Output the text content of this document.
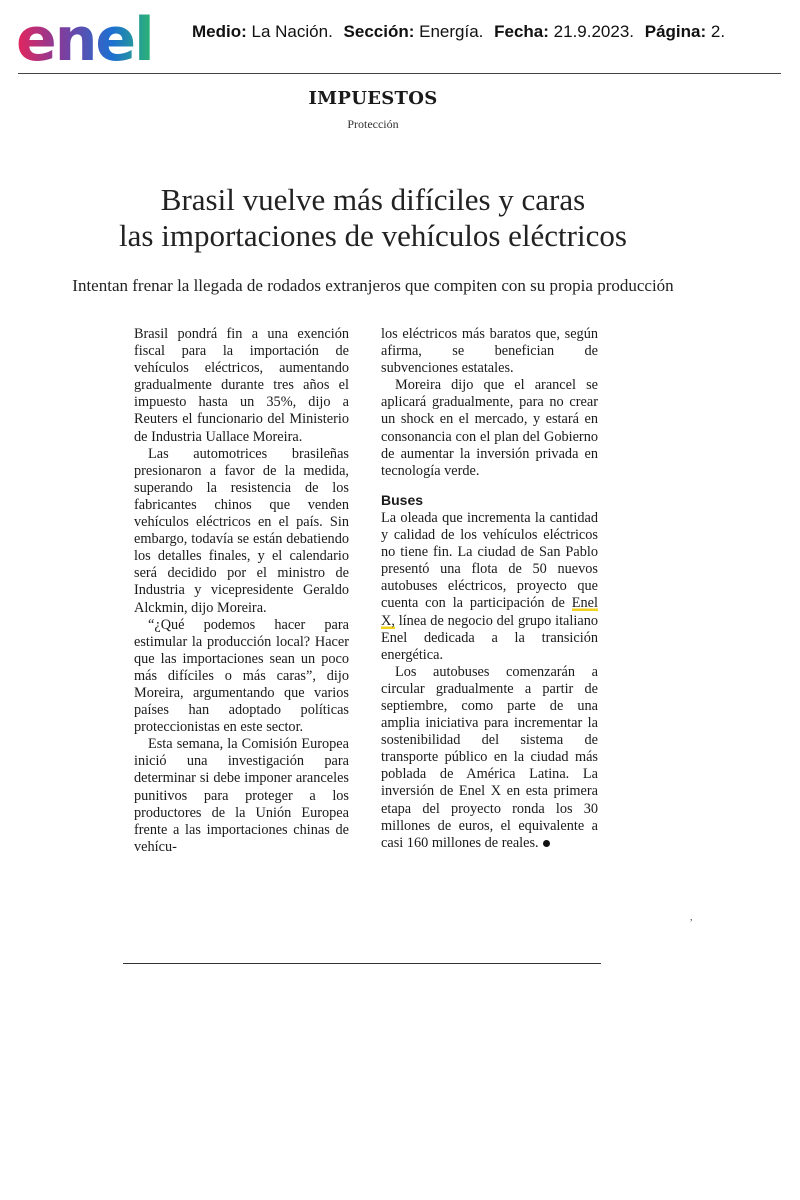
enel Medio: La Nación. Sección: Energía. Fecha: 21.9.2023. Página: 2.
IMPUESTOS
Protección
Brasil vuelve más difíciles y caras
las importaciones de vehículos eléctricos
Intentan frenar la llegada de rodados extranjeros que compiten con su propia producción

Brasil pondrá fin a una exención fiscal para la importación de vehículos eléctricos, aumentando gradualmente durante tres años el impuesto hasta un 35%, dijo a Reuters el funcionario del Ministerio de Industria Uallace Moreira.

Las automotrices brasileñas presionaron a favor de la medida, superando la resistencia de los fabricantes chinos que venden vehículos eléctricos en el país. Sin embargo, todavía se están debatiendo los detalles finales, y el calendario será decidido por el ministro de Industria y vicepresidente Geraldo Alckmin, dijo Moreira.

“¿Qué podemos hacer para estimular la producción local? Hacer que las importaciones sean un poco más difíciles o más caras”, dijo Moreira, argumentando que varios países han adoptado políticas proteccionistas en este sector.

Esta semana, la Comisión Europea inició una investigación para determinar si debe imponer aranceles punitivos para proteger a los productores de la Unión Europea frente a las importaciones chinas de vehícu-

los eléctricos más baratos que, según afirma, se benefician de subvenciones estatales.

Moreira dijo que el arancel se aplicará gradualmente, para no crear un shock en el mercado, y estará en consonancia con el plan del Gobierno de aumentar la inversión privada en tecnología verde.

Buses

La oleada que incrementa la cantidad y calidad de los vehículos eléctricos no tiene fin. La ciudad de San Pablo presentó una flota de 50 nuevos autobuses eléctricos, proyecto que cuenta con la participación de Enel X, línea de negocio del grupo italiano Enel dedicada a la transición energética.

Los autobuses comenzarán a circular gradualmente a partir de septiembre, como parte de una amplia iniciativa para incrementar la sostenibilidad del sistema de transporte público en la ciudad más poblada de América Latina. La inversión de Enel X en esta primera etapa del proyecto ronda los 30 millones de euros, el equivalente a casi 160 millones de reales.

,
